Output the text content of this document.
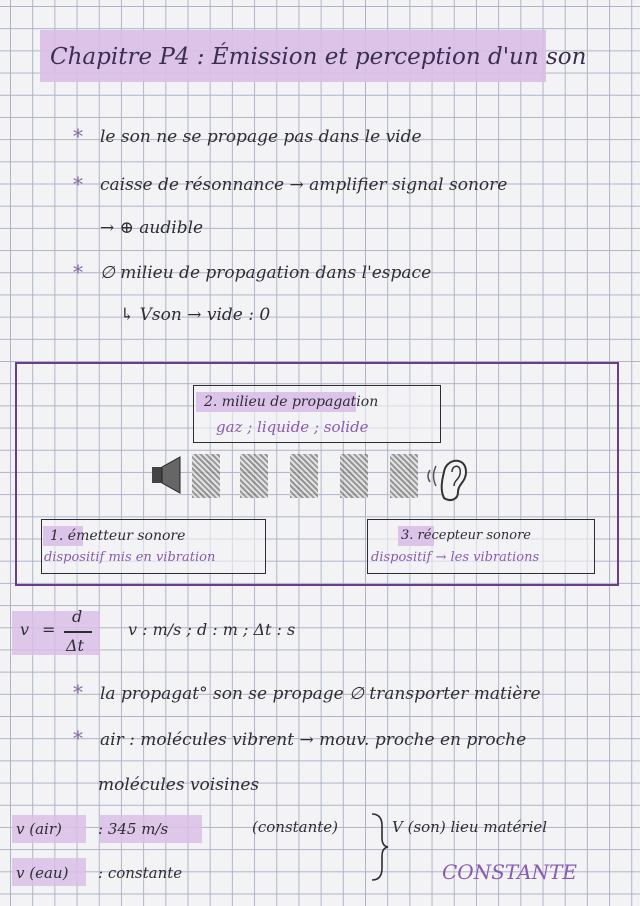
Chapitre P4 : Émission et perception d'un son
* le son ne se propage pas dans le vide
* caisse de résonnance → amplifier signal sonore
→ ⊕ audible
* ∅ milieu de propagation dans l'espace
↳ Vson → vide : 0
2. milieu de propagation
gaz ; liquide ; solide
1. émetteur sonore
dispositif mis en vibration
3. récepteur sonore
dispositif → les vibrations
v =
d
Δt
v : m/s ; d : m ; Δt : s
* la propagat° son se propage ∅ transporter matière
* air : molécules vibrent → mouv. proche en proche
molécules voisines
v (air) : 345 m/s	(constante)
v (eau) : constante
V (son) lieu matériel
CONSTANTE
